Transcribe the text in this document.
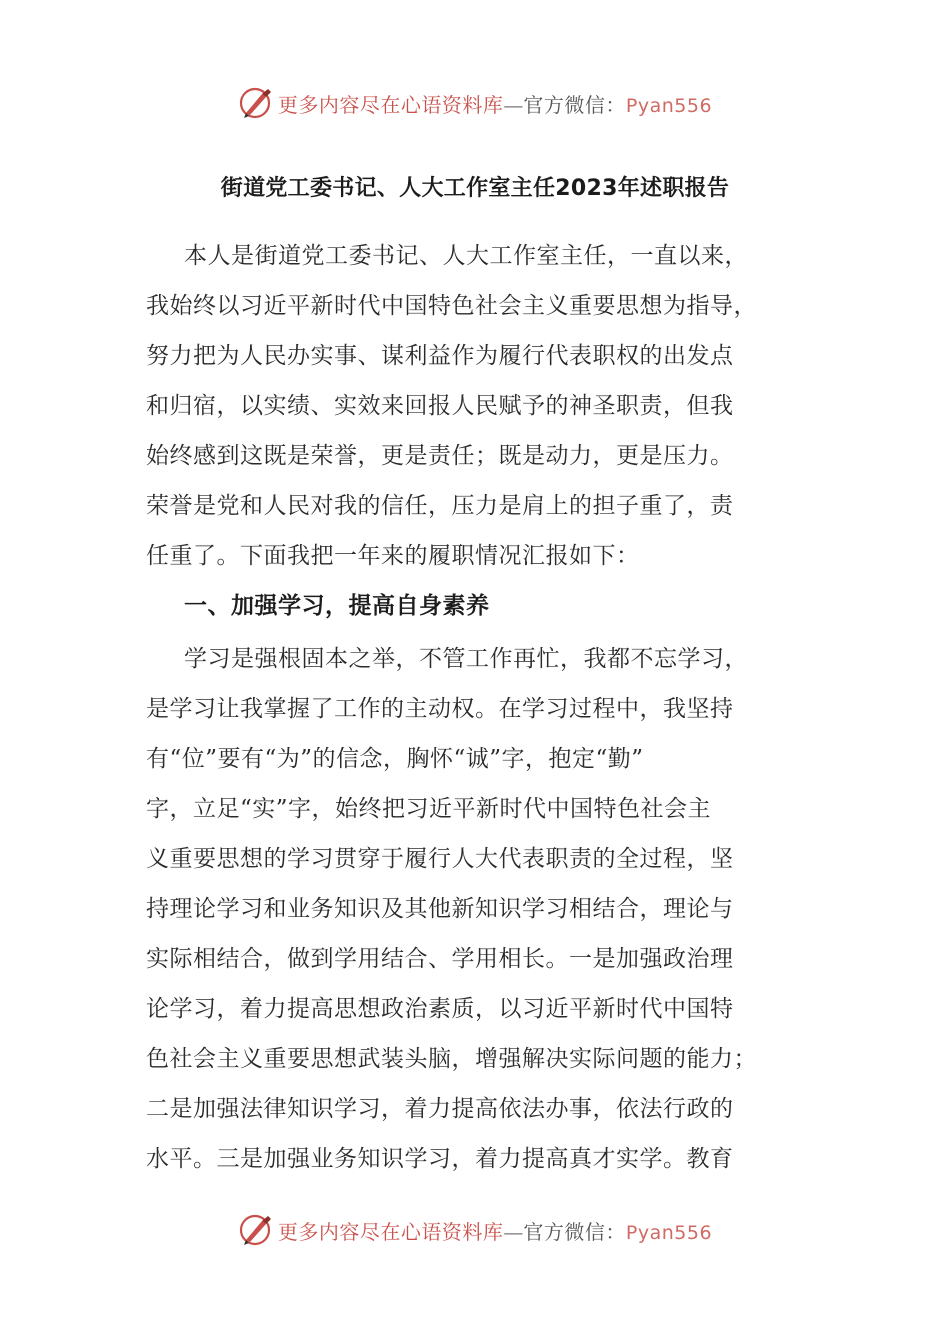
更多内容尽在心语资料库—官方微信：Pyan556
街道党工委书记、人大工作室主任2023年述职报告
本人是街道党工委书记、人大工作室主任，一直以来，
我始终以习近平新时代中国特色社会主义重要思想为指导，
努力把为人民办实事、谋利益作为履行代表职权的出发点
和归宿，以实绩、实效来回报人民赋予的神圣职责，但我
始终感到这既是荣誉，更是责任；既是动力，更是压力。
荣誉是党和人民对我的信任，压力是肩上的担子重了，责
任重了。下面我把一年来的履职情况汇报如下：
一、加强学习，提高自身素养
学习是强根固本之举，不管工作再忙，我都不忘学习，
是学习让我掌握了工作的主动权。在学习过程中，我坚持
有“位”要有“为”的信念，胸怀“诚”字，抱定“勤”
字，立足“实”字，始终把习近平新时代中国特色社会主
义重要思想的学习贯穿于履行人大代表职责的全过程，坚
持理论学习和业务知识及其他新知识学习相结合，理论与
实际相结合，做到学用结合、学用相长。一是加强政治理
论学习，着力提高思想政治素质，以习近平新时代中国特
色社会主义重要思想武装头脑，增强解决实际问题的能力；
二是加强法律知识学习，着力提高依法办事，依法行政的
水平。三是加强业务知识学习，着力提高真才实学。教育
更多内容尽在心语资料库—官方微信：Pyan556
